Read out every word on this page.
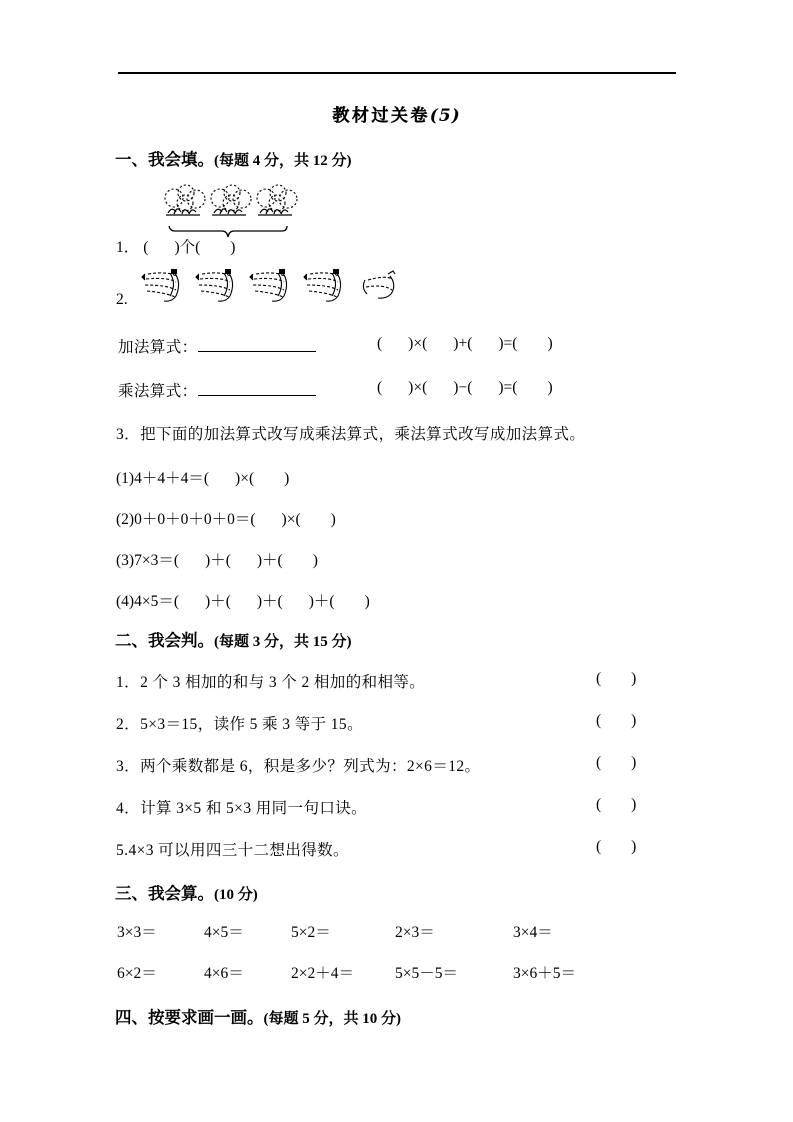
教材过关卷(5)
一、我会填。(每题 4 分，共 12 分)
1． ( )个( )
2.
加法算式：	( )×( )+( )=( )
乘法算式：	( )×( )−( )=( )
3．把下面的加法算式改写成乘法算式，乘法算式改写成加法算式。
(1)4＋4＋4＝( )×( )
(2)0＋0＋0＋0＋0＝( )×( )
(3)7×3＝( )＋( )＋( )
(4)4×5＝( )＋( )＋( )＋( )
二、我会判。(每题 3 分，共 15 分)
1．2 个 3 相加的和与 3 个 2 相加的和相等。	( )
2．5×3＝15，读作 5 乘 3 等于 15。	( )
3．两个乘数都是 6，积是多少？列式为：2×6＝12。	( )
4．计算 3×5 和 5×3 用同一句口诀。	( )
5.4×3 可以用四三十二想出得数。	( )
三、我会算。(10 分)
3×3＝	4×5＝	5×2＝	2×3＝	3×4＝
6×2＝	4×6＝	2×2＋4＝	5×5－5＝	3×6＋5＝
四、按要求画一画。(每题 5 分，共 10 分)
